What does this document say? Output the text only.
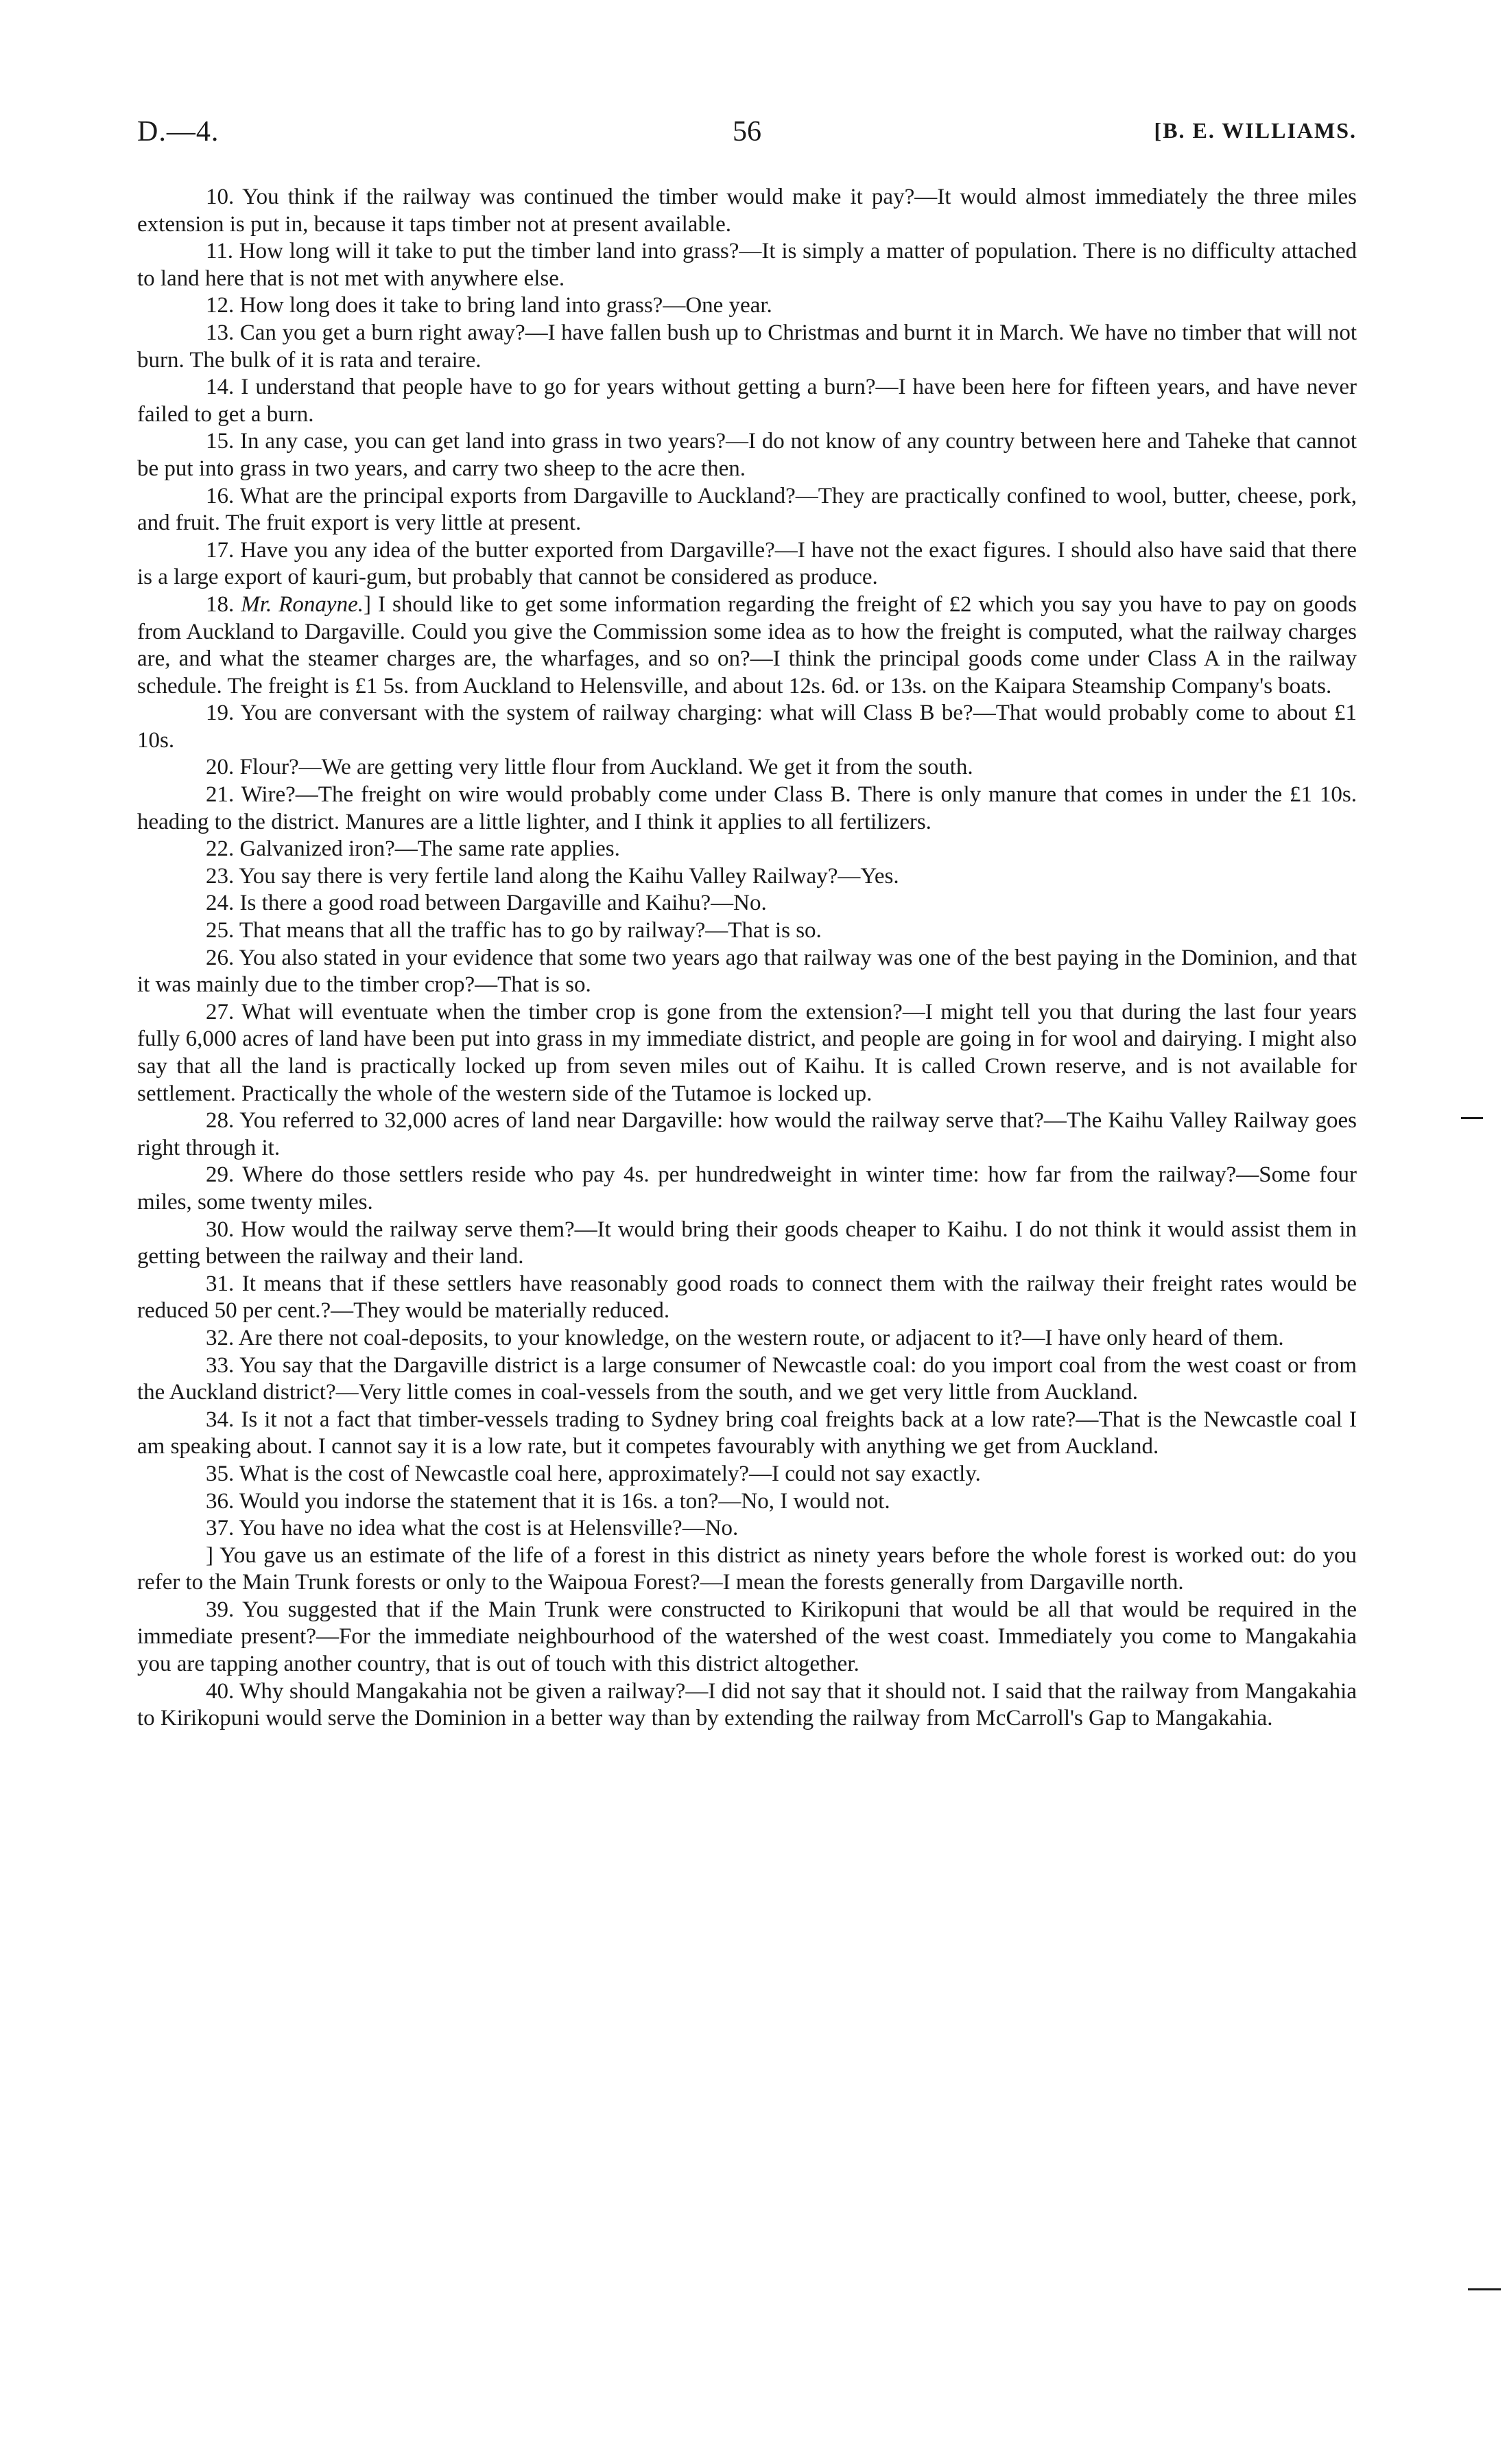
D.—4.	56	[B. E. WILLIAMS.

10. You think if the railway was continued the timber would make it pay?—It would almost immediately the three miles extension is put in, because it taps timber not at present available.

11. How long will it take to put the timber land into grass?—It is simply a matter of population. There is no difficulty attached to land here that is not met with anywhere else.

12. How long does it take to bring land into grass?—One year.

13. Can you get a burn right away?—I have fallen bush up to Christmas and burnt it in March. We have no timber that will not burn. The bulk of it is rata and teraire.

14. I understand that people have to go for years without getting a burn?—I have been here for fifteen years, and have never failed to get a burn.

15. In any case, you can get land into grass in two years?—I do not know of any country between here and Taheke that cannot be put into grass in two years, and carry two sheep to the acre then.

16. What are the principal exports from Dargaville to Auckland?—They are practically confined to wool, butter, cheese, pork, and fruit. The fruit export is very little at present.

17. Have you any idea of the butter exported from Dargaville?—I have not the exact figures. I should also have said that there is a large export of kauri-gum, but probably that cannot be considered as produce.

18. Mr. Ronayne.] I should like to get some information regarding the freight of £2 which you say you have to pay on goods from Auckland to Dargaville. Could you give the Commission some idea as to how the freight is computed, what the railway charges are, and what the steamer charges are, the wharfages, and so on?—I think the principal goods come under Class A in the railway schedule. The freight is £1 5s. from Auckland to Helensville, and about 12s. 6d. or 13s. on the Kaipara Steamship Company's boats.

19. You are conversant with the system of railway charging: what will Class B be?—That would probably come to about £1 10s.

20. Flour?—We are getting very little flour from Auckland. We get it from the south.

21. Wire?—The freight on wire would probably come under Class B. There is only manure that comes in under the £1 10s. heading to the district. Manures are a little lighter, and I think it applies to all fertilizers.

22. Galvanized iron?—The same rate applies.

23. You say there is very fertile land along the Kaihu Valley Railway?—Yes.

24. Is there a good road between Dargaville and Kaihu?—No.

25. That means that all the traffic has to go by railway?—That is so.

26. You also stated in your evidence that some two years ago that railway was one of the best paying in the Dominion, and that it was mainly due to the timber crop?—That is so.

27. What will eventuate when the timber crop is gone from the extension?—I might tell you that during the last four years fully 6,000 acres of land have been put into grass in my immediate district, and people are going in for wool and dairying. I might also say that all the land is practically locked up from seven miles out of Kaihu. It is called Crown reserve, and is not available for settlement. Practically the whole of the western side of the Tutamoe is locked up.

28. You referred to 32,000 acres of land near Dargaville: how would the railway serve that?—The Kaihu Valley Railway goes right through it.

29. Where do those settlers reside who pay 4s. per hundredweight in winter time: how far from the railway?—Some four miles, some twenty miles.

30. How would the railway serve them?—It would bring their goods cheaper to Kaihu. I do not think it would assist them in getting between the railway and their land.

31. It means that if these settlers have reasonably good roads to connect them with the railway their freight rates would be reduced 50 per cent.?—They would be materially reduced.

32. Are there not coal-deposits, to your knowledge, on the western route, or adjacent to it?—I have only heard of them.

33. You say that the Dargaville district is a large consumer of Newcastle coal: do you import coal from the west coast or from the Auckland district?—Very little comes in coal-vessels from the south, and we get very little from Auckland.

34. Is it not a fact that timber-vessels trading to Sydney bring coal freights back at a low rate?—That is the Newcastle coal I am speaking about. I cannot say it is a low rate, but it competes favourably with anything we get from Auckland.

35. What is the cost of Newcastle coal here, approximately?—I could not say exactly.

36. Would you indorse the statement that it is 16s. a ton?—No, I would not.

37. You have no idea what the cost is at Helensville?—No.

] You gave us an estimate of the life of a forest in this district as ninety years before the whole forest is worked out: do you refer to the Main Trunk forests or only to the Waipoua Forest?—I mean the forests generally from Dargaville north.

39. You suggested that if the Main Trunk were constructed to Kirikopuni that would be all that would be required in the immediate present?—For the immediate neighbourhood of the watershed of the west coast. Immediately you come to Mangakahia you are tapping another country, that is out of touch with this district altogether.

40. Why should Mangakahia not be given a railway?—I did not say that it should not. I said that the railway from Mangakahia to Kirikopuni would serve the Dominion in a better way than by extending the railway from McCarroll's Gap to Mangakahia.
